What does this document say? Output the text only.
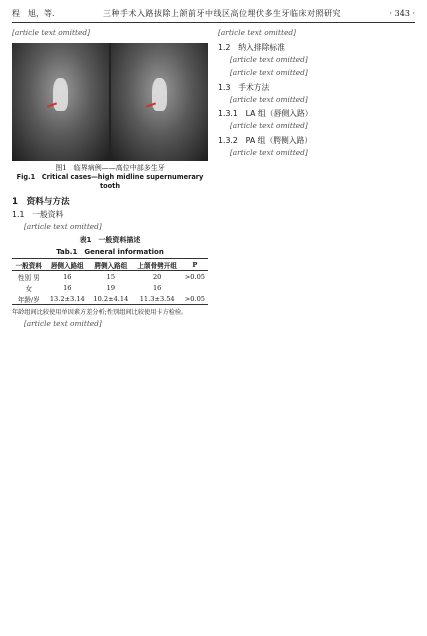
程　旭，等.	三种手术入路拔除上颌前牙中线区高位埋伏多生牙临床对照研究	· 343 ·

[article text omitted]

图1　临界病例——高位中部多生牙

Fig.1　Critical cases—high midline supernumerary tooth

1　资料与方法
1.1　一般资料

[article text omitted]

表1　一般资料描述
Tab.1　General information
一般资料	唇侧入路组	腭侧入路组	上颌骨劈开组	P
性别 男	16	15	20	>0.05
女	16	19	16	
年龄/岁	13.2±3.14	10.2±4.14	11.3±3.54	>0.05

年龄组间比较使用单因素方差分析;性别组间比较使用卡方检验。

[article text omitted]

[article text omitted]

1.2　纳入排除标准

[article text omitted]

[article text omitted]

1.3　手术方法

[article text omitted]

1.3.1　LA 组（唇侧入路）

[article text omitted]

1.3.2　PA 组（腭侧入路）

[article text omitted]
